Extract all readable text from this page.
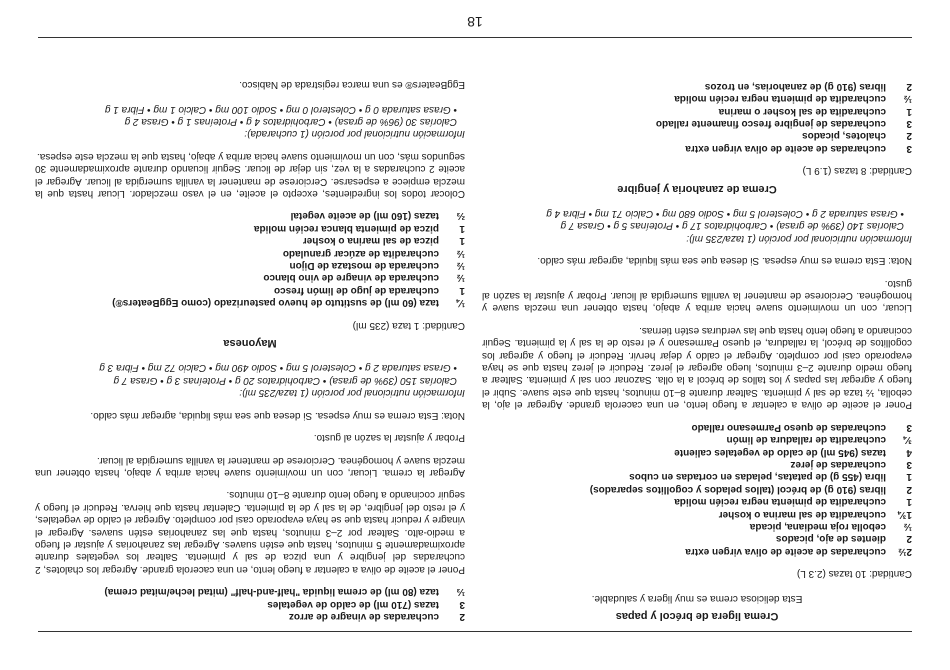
18
Crema ligera de brécol y papas
Esta deliciosa crema es muy ligera y saludable.
Cantidad: 10 tazas (2.3 L)
2½
cucharadas de aceite de oliva virgen extra
2
dientes de ajo, picados
½
cebolla roja mediana, picada
1¾
cucharadita de sal marina o kosher
1
cucharadita de pimienta negra recién molida
2
libras (910 g) de brécol (tallos pelados y cogollitos separados)
1
libra (455 g) de patatas, peladas en cortadas en cubos
3
cucharadas de jerez
4
tazas (945 ml) de caldo de vegetales caliente
¾
cucharadita de ralladura de limón
3
cucharadas de queso Parmesano rallado
Poner el aceite de oliva a calentar a fuego lento, en una cacerola grande. Agregar el ajo, la cebolla, ½ taza de sal y pimienta. Saltear durante 8–10 minutos, hasta que este suave. Subir el fuego y agregar las papas y los tallos de brécol a la olla. Sazonar con sal y pimienta. Saltear a fuego medio durante 2–3 minutos, luego agregar el jerez. Reducir el jerez hasta que se haya evaporado casi por completo. Agregar el caldo y dejar hervir. Reducir el fuego y agregar los cogollitos de brécol, la ralladura, el queso Parmesano y el resto de la sal y la pimienta. Seguir cocinando a fuego lento hasta que las verduras estén tiernas.
Licuar, con un movimiento suave hacia arriba y abajo, hasta obtener una mezcla suave y homogénea. Cerciorese de mantener la vanilla sumergida al licuar. Probar y ajustar la sazón al gusto.
Nota: Esta crema es muy espesa. Si desea que sea más liquida, agregar más caldo.
Información nutricional por porción (1 taza/235 ml):
Calorías 140 (39% de grasa) • Carbohidratos 17 g • Proteínas 5 g • Grasa 7 g
• Grasa saturada 2 g • Colesterol 5 mg • Sodio 680 mg • Calcio 71 mg • Fibra 4 g
Crema de zanahoria y jengibre
Cantidad: 8 tazas (1.9 L)
3
cucharadas de aceite de oliva virgen extra
2
chalotes, picados
3
cucharadas de jengibre fresco finamente rallado
1
cucharadita de sal kosher o marina
½
cucharadita de pimienta negra recién molida
2
libras (910 g) de zanahorias, en trozos
2
cucharadas de vinagre de arroz
3
tazas (710 ml) de caldo de vegetales
⅓
taza (80 ml) de crema liquida "half-and-half" (mitad leche/mitad crema)
Poner el aceite de oliva a calentar a fuego lento, en una cacerola grande. Agregar los chalotes, 2 cucharadas del jengibre y una pizca de sal y pimienta. Saltear los vegetales durante aproximadamente 5 minutos, hasta que estén suaves. Agregar las zanahorias y ajustar el fuego a medio-alto. Saltear por 2–3 minutos, hasta que las zanahorias estén suaves. Agregar el vinagre y reducir hasta que se haya evaporado casi por completo. Agregar el caldo de vegetales, y el resto del jengibre, de la sal y de la pimienta. Calentar hasta que hierva. Reducir el fuego y seguir cocinando a fuego lento durante 8–10 minutos.
Agregar la crema. Licuar, con un movimiento suave hacia arriba y abajo, hasta obtener una mezcla suave y homogénea. Cerciorese de mantener la vanilla sumergida al licuar.
Probar y ajustar la sazón al gusto.
Nota: Esta crema es muy espesa. Si desea que sea más liquida, agregar más caldo.
Información nutricional por porción (1 taza/235 ml):
Calorías 150 (39% de grasa) • Carbohidratos 20 g • Proteínas 3 g • Grasa 7 g
• Grasa saturada 2 g • Colesterol 5 mg • Sodio 490 mg • Calcio 72 mg • Fibra 3 g
Mayonesa
Cantidad: 1 taza (235 ml)
¼
taza (60 ml) de sustituto de huevo pasteurizado (como EggBeaters®)
1
cucharada de jugo de limón fresco
½
cucharada de vinagre de vino blanco
½
cucharada de mostaza de Dijon
½
cucharadita de azúcar granulado
1
pizca de sal marina o kosher
1
pizca de pimienta blanca recién molida
⅔
tazas (160 ml) de aceite vegetal
Colocar todos los ingredientes, excepto el aceite, en el vaso mezclador. Licuar hasta que la mezcla empiece a espesarse. Cerciorese de mantener la vanilla sumergida al licuar. Agregar el aceite 2 cucharadas a la vez, sin dejar de licuar. Seguir licuando durante aproximadamente 30 segundos más, con un movimiento suave hacia arriba y abajo, hasta que la mezcla este espesa.
Información nutricional por porción (1 cucharada):
Calorías 30 (96% de grasa) • Carbohidratos 4 g • Proteínas 1 g • Grasa 2 g
• Grasa saturada 0 g • Colesterol 0 mg • Sodio 100 mg • Calcio 1 mg • Fibra 1 g
EggBeaters® es una marca registrada de Nabisco.
